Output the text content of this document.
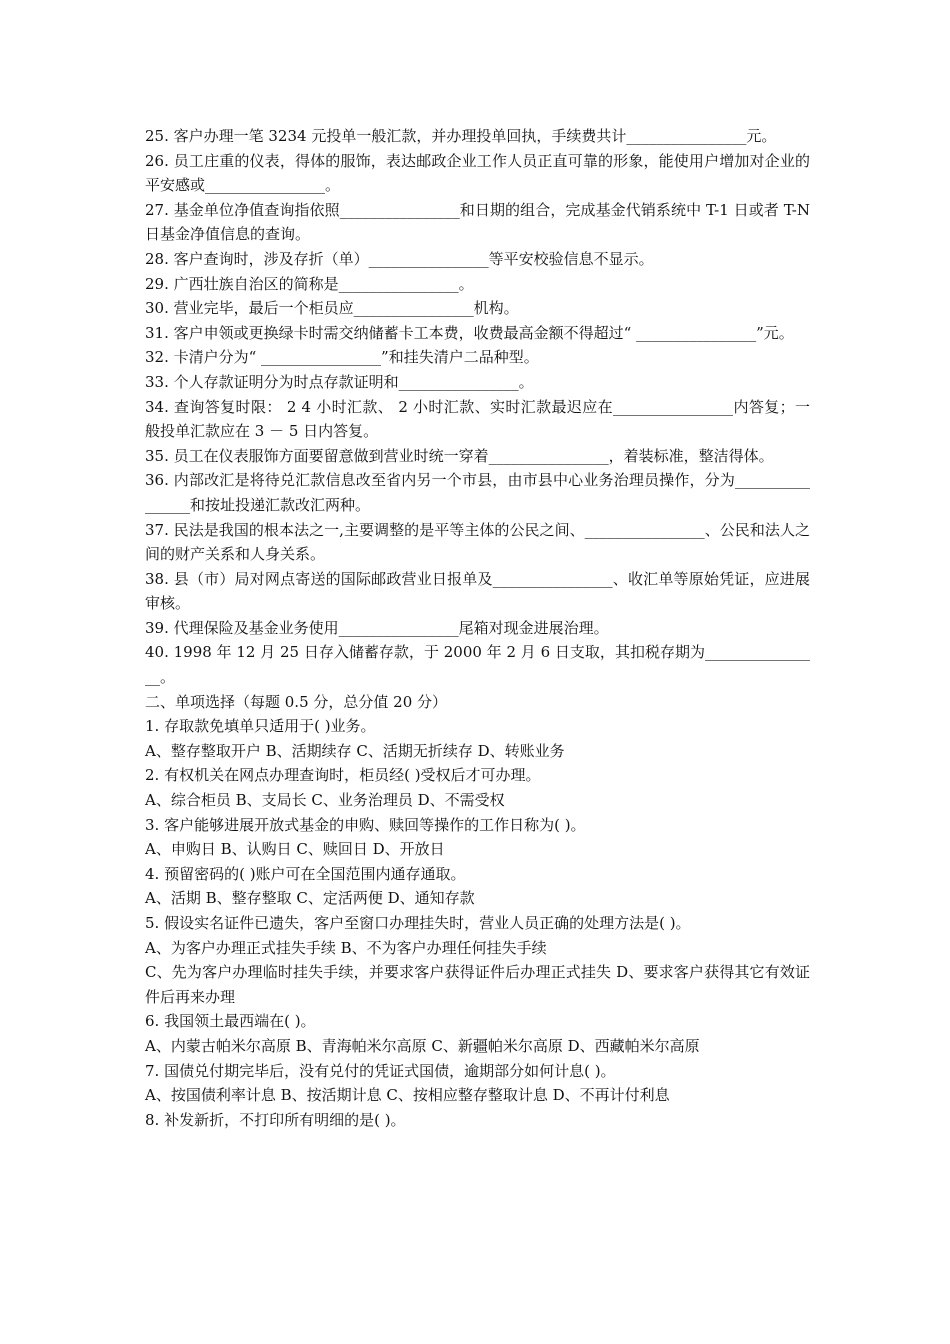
25. 客户办理一笔 3234 元投单一般汇款，并办理投单回执，手续费共计________________元。

26. 员工庄重的仪表，得体的服饰，表达邮政企业工作人员正直可靠的形象，能使用户增加对企业的平安感或________________。

27. 基金单位净值查询指依照________________和日期的组合，完成基金代销系统中 T-1 日或者 T-N 日基金净值信息的查询。

28. 客户查询时，涉及存折（单）________________等平安校验信息不显示。

29. 广西壮族自治区的简称是________________。

30. 营业完毕，最后一个柜员应________________机构。

31. 客户申领或更换绿卡时需交纳储蓄卡工本费，收费最高金额不得超过“ ________________”元。

32. 卡清户分为“ ________________”和挂失清户二品种型。

33. 个人存款证明分为时点存款证明和________________。

34. 查询答复时限： 2 4 小时汇款、 2 小时汇款、实时汇款最迟应在________________内答复；一般投单汇款应在 3 － 5 日内答复。

35. 员工在仪表服饰方面要留意做到营业时统一穿着________________，着装标准，整洁得体。

36. 内部改汇是将待兑汇款信息改至省内另一个市县，由市县中心业务治理员操作，分为________________和按址投递汇款改汇两种。

37. 民法是我国的根本法之一,主要调整的是平等主体的公民之间、________________、公民和法人之间的财产关系和人身关系。

38. 县（市）局对网点寄送的国际邮政营业日报单及________________、收汇单等原始凭证，应进展审核。

39. 代理保险及基金业务使用________________尾箱对现金进展治理。

40. 1998 年 12 月 25 日存入储蓄存款，于 2000 年 2 月 6 日支取，其扣税存期为________________。

二、单项选择（每题 0.5 分，总分值 20 分）

1. 存取款免填单只适用于( )业务。

A、整存整取开户 B、活期续存 C、活期无折续存 D、转账业务

2. 有权机关在网点办理查询时，柜员经( )受权后才可办理。

A、综合柜员 B、支局长 C、业务治理员 D、不需受权

3. 客户能够进展开放式基金的申购、赎回等操作的工作日称为( )。

A、申购日 B、认购日 C、赎回日 D、开放日

4. 预留密码的( )账户可在全国范围内通存通取。

A、活期 B、整存整取 C、定活两便 D、通知存款

5. 假设实名证件已遗失，客户至窗口办理挂失时，营业人员正确的处理方法是( )。

A、为客户办理正式挂失手续 B、不为客户办理任何挂失手续

C、先为客户办理临时挂失手续，并要求客户获得证件后办理正式挂失 D、要求客户获得其它有效证件后再来办理

6. 我国领土最西端在( )。

A、内蒙古帕米尔高原 B、青海帕米尔高原 C、新疆帕米尔高原 D、西藏帕米尔高原

7. 国债兑付期完毕后，没有兑付的凭证式国债，逾期部分如何计息( )。

A、按国债利率计息 B、按活期计息 C、按相应整存整取计息 D、不再计付利息

8. 补发新折，不打印所有明细的是( )。
